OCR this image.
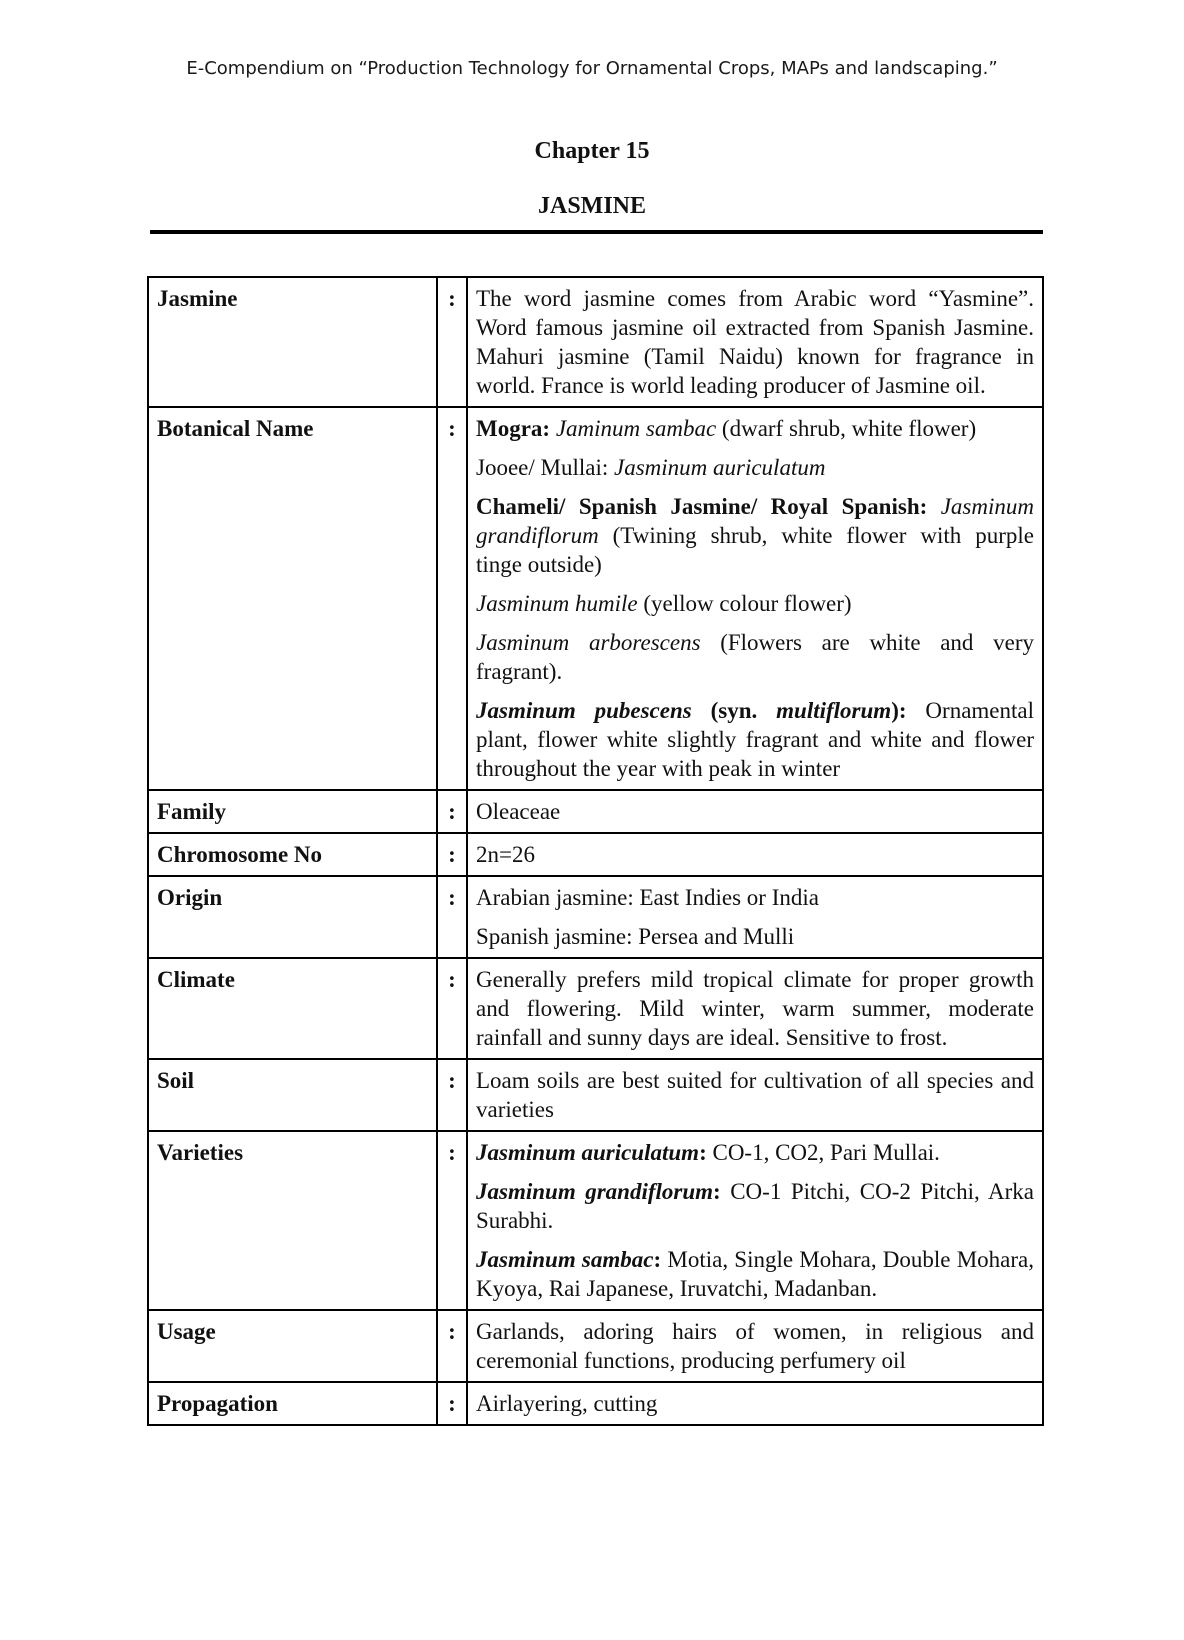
E-Compendium on “Production Technology for Ornamental Crops, MAPs and landscaping.”
Chapter 15
JASMINE
Jasmine	:	The word jasmine comes from Arabic word “Yasmine”. Word famous jasmine oil extracted from Spanish Jasmine. Mahuri jasmine (Tamil Naidu) known for fragrance in world. France is world leading producer of Jasmine oil.

Botanical Name	:	Mogra: Jaminum sambac (dwarf shrub, white flower)
Jooee/ Mullai: Jasminum auriculatum
Chameli/ Spanish Jasmine/ Royal Spanish: Jasminum grandiflorum (Twining shrub, white flower with purple tinge outside)
Jasminum humile (yellow colour flower)
Jasminum arborescens (Flowers are white and very fragrant).
Jasminum pubescens (syn. multiflorum): Ornamental plant, flower white slightly fragrant and white and flower throughout the year with peak in winter

Family	:	Oleaceae

Chromosome No	:	2n=26

Origin	:	Arabian jasmine: East Indies or India
Spanish jasmine: Persea and Mulli

Climate	:	Generally prefers mild tropical climate for proper growth and flowering. Mild winter, warm summer, moderate rainfall and sunny days are ideal. Sensitive to frost.

Soil	:	Loam soils are best suited for cultivation of all species and varieties

Varieties	:	Jasminum auriculatum: CO-1, CO2, Pari Mullai.
Jasminum grandiflorum: CO-1 Pitchi, CO-2 Pitchi, Arka Surabhi.
Jasminum sambac: Motia, Single Mohara, Double Mohara, Kyoya, Rai Japanese, Iruvatchi, Madanban.

Usage	:	Garlands, adoring hairs of women, in religious and ceremonial functions, producing perfumery oil

Propagation	:	Airlayering, cutting
